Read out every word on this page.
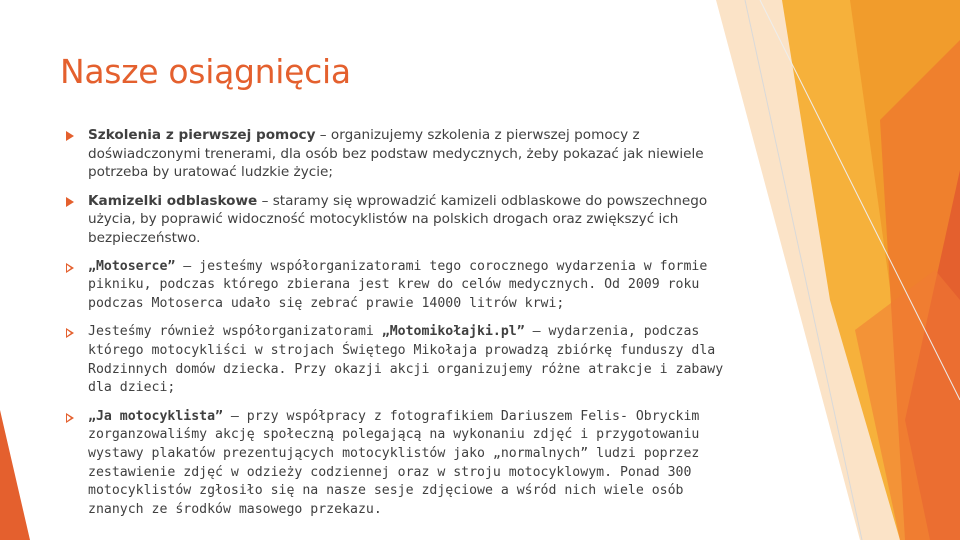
Nasze osiągnięcia
Szkolenia z pierwszej pomocy – organizujemy szkolenia z pierwszej pomocy z doświadczonymi trenerami, dla osób bez podstaw medycznych, żeby pokazać jak niewiele potrzeba by uratować ludzkie życie;
Kamizelki odblaskowe – staramy się wprowadzić kamizeli odblaskowe do powszechnego użycia, by poprawić widoczność motocyklistów na polskich drogach oraz zwiększyć ich bezpieczeństwo.
„Motoserce” – jesteśmy współorganizatorami tego corocznego wydarzenia w formie pikniku, podczas którego zbierana jest krew do celów medycznych. Od 2009 roku podczas Motoserca udało się zebrać prawie 14000 litrów krwi;
Jesteśmy również współorganizatorami „Motomikołajki.pl” – wydarzenia, podczas którego motocykliści w strojach Świętego Mikołaja prowadzą zbiórkę funduszy dla Rodzinnych domów dziecka. Przy okazji akcji organizujemy różne atrakcje i zabawy dla dzieci;
„Ja motocyklista” – przy współpracy z fotografikiem Dariuszem Felis- Obryckim zorganzowaliśmy akcję społeczną polegającą na wykonaniu zdjęć i przygotowaniu wystawy plakatów prezentujących motocyklistów jako „normalnych” ludzi poprzez zestawienie zdjęć w odzieży codziennej oraz w stroju motocyklowym. Ponad 300 motocyklistów zgłosiło się na nasze sesje zdjęciowe a wśród nich wiele osób znanych ze środków masowego przekazu.
